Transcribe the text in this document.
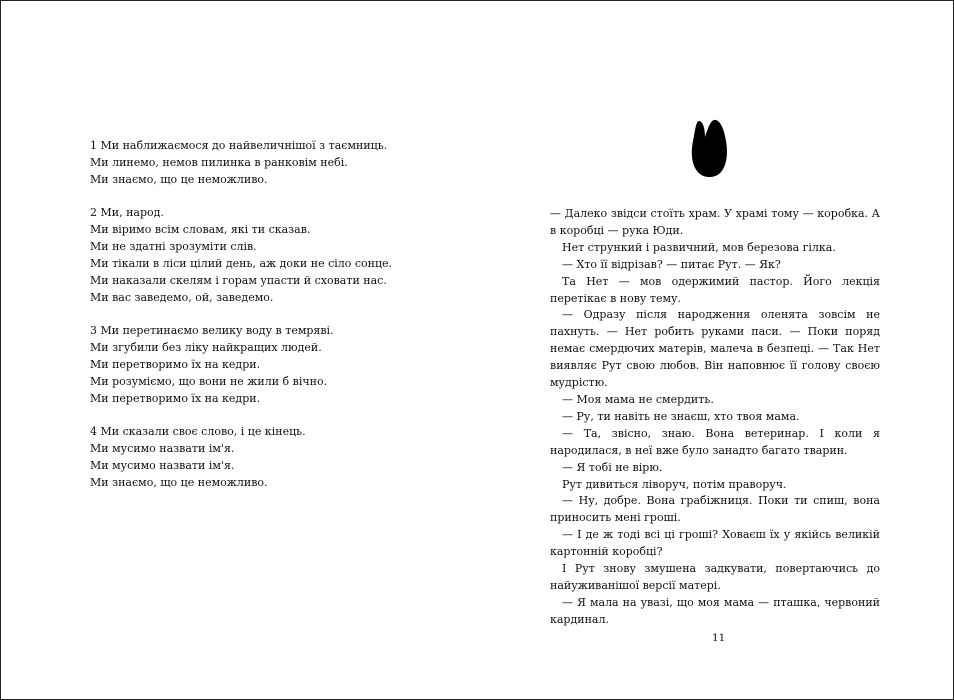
1 Ми наближаємося до найвеличнішої з таємниць.
Ми линемо, немов пилинка в ранковім небі.
Ми знаємо, що це неможливо.
2 Ми, народ.
Ми віримо всім словам, які ти сказав.
Ми не здатні зрозуміти слів.
Ми тікали в ліси цілий день, аж доки не сіло сонце.
Ми наказали скелям і горам упасти й сховати нас.
Ми вас заведемо, ой, заведемо.
3 Ми перетинаємо велику воду в темряві.
Ми згубили без ліку найкращих людей.
Ми перетворимо їх на кедри.
Ми розуміємо, що вони не жили б вічно.
Ми перетворимо їх на кедри.
4 Ми сказали своє слово, і це кінець.
Ми мусимо назвати ім'я.
Ми мусимо назвати ім'я.
Ми знаємо, що це неможливо.

— Далеко звідси стоїть храм. У храмі тому — коробка. А в коробці — рука Юди.

Нет стрункий і развичний, мов березова гілка.

— Хто її відрізав? — питає Рут. — Як?

Та Нет — мов одержимий пастор. Його лекція перетікає в нову тему.

— Одразу після народження оленята зовсім не пахнуть. — Нет робить руками паси. — Поки поряд немає смердючих матерів, малеча в безпеці. — Так Нет виявляє Рут свою любов. Він наповнює її голову своєю мудрістю.

— Моя мама не смердить.

— Ру, ти навіть не знаєш, хто твоя мама.

— Та, звісно, знаю. Вона ветеринар. І коли я народилася, в неї вже було занадто багато тварин.

— Я тобі не вірю.

Рут дивиться ліворуч, потім праворуч.

— Ну, добре. Вона грабіжниця. Поки ти спиш, вона приносить мені гроші.

— І де ж тоді всі ці гроші? Ховаєш їх у якійсь великій картонній коробці?

І Рут знову змушена задкувати, повертаючись до найуживанішої версії матері.

— Я мала на увазі, що моя мама — пташка, червоний кардинал.

11
